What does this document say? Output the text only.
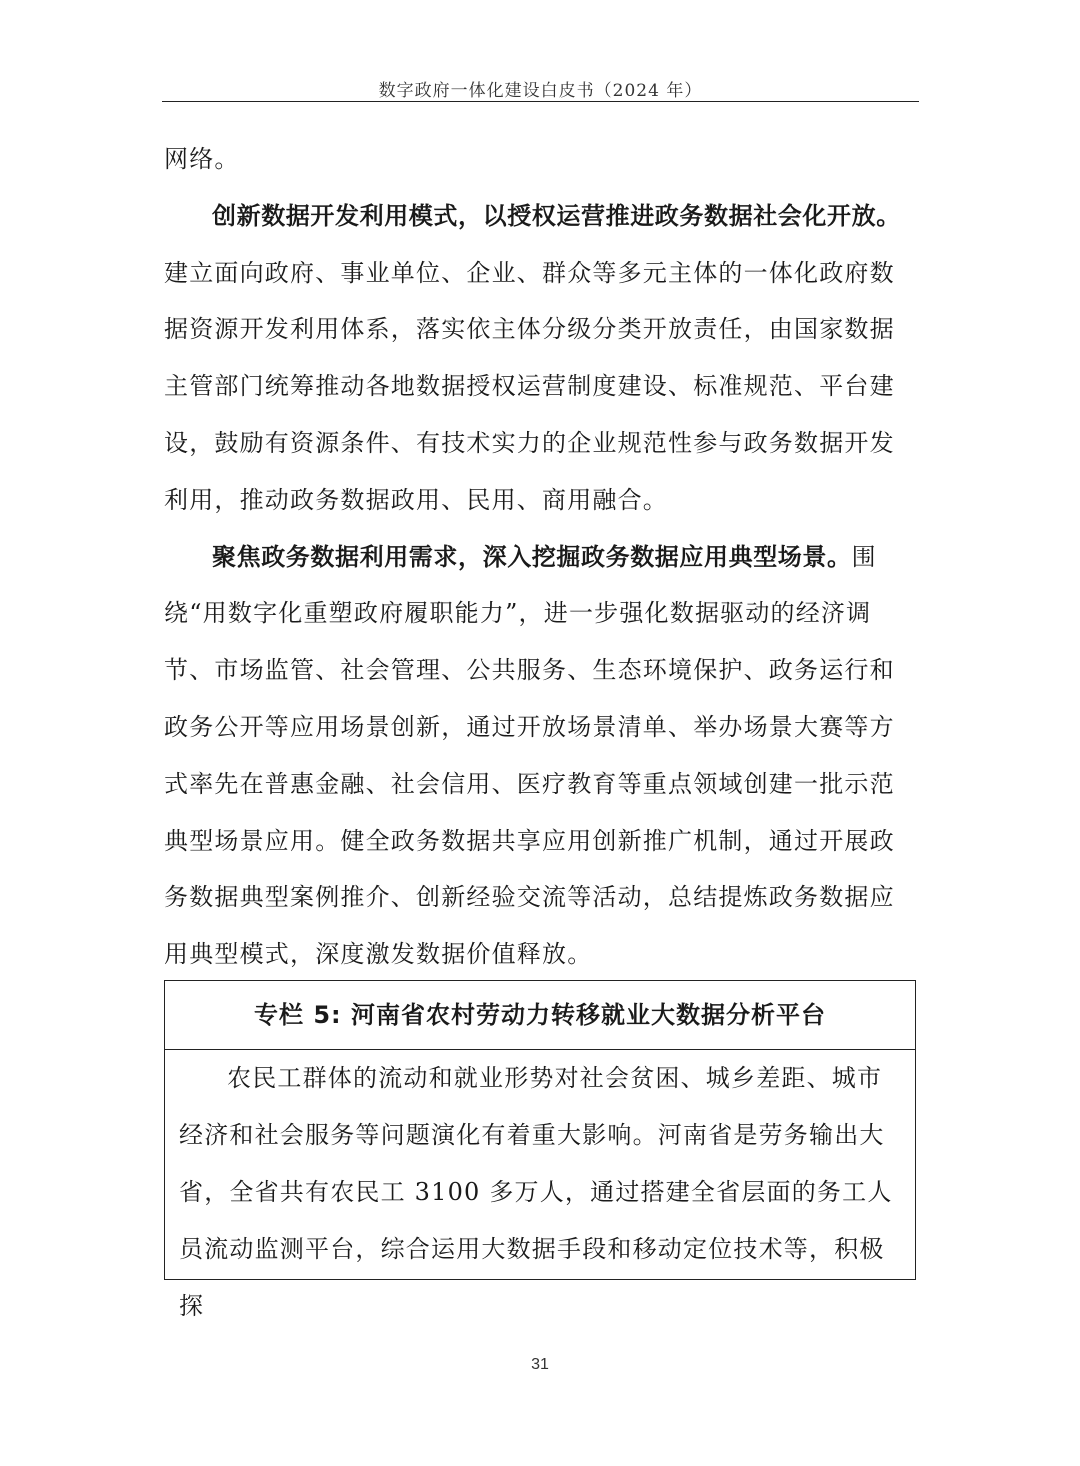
数字政府一体化建设白皮书（2024 年）

网络。

创新数据开发利用模式，以授权运营推进政务数据社会化开放。建立面向政府、事业单位、企业、群众等多元主体的一体化政府数据资源开发利用体系，落实依主体分级分类开放责任，由国家数据主管部门统筹推动各地数据授权运营制度建设、标准规范、平台建设，鼓励有资源条件、有技术实力的企业规范性参与政务数据开发利用，推动政务数据政用、民用、商用融合。

聚焦政务数据利用需求，深入挖掘政务数据应用典型场景。围绕“用数字化重塑政府履职能力”，进一步强化数据驱动的经济调节、市场监管、社会管理、公共服务、生态环境保护、政务运行和政务公开等应用场景创新，通过开放场景清单、举办场景大赛等方式率先在普惠金融、社会信用、医疗教育等重点领域创建一批示范典型场景应用。健全政务数据共享应用创新推广机制，通过开展政务数据典型案例推介、创新经验交流等活动，总结提炼政务数据应用典型模式，深度激发数据价值释放。

专栏 5: 河南省农村劳动力转移就业大数据分析平台
农民工群体的流动和就业形势对社会贫困、城乡差距、城市经济和社会服务等问题演化有着重大影响。河南省是劳务输出大省，全省共有农民工 3100 多万人，通过搭建全省层面的务工人员流动监测平台，综合运用大数据手段和移动定位技术等，积极探
31
